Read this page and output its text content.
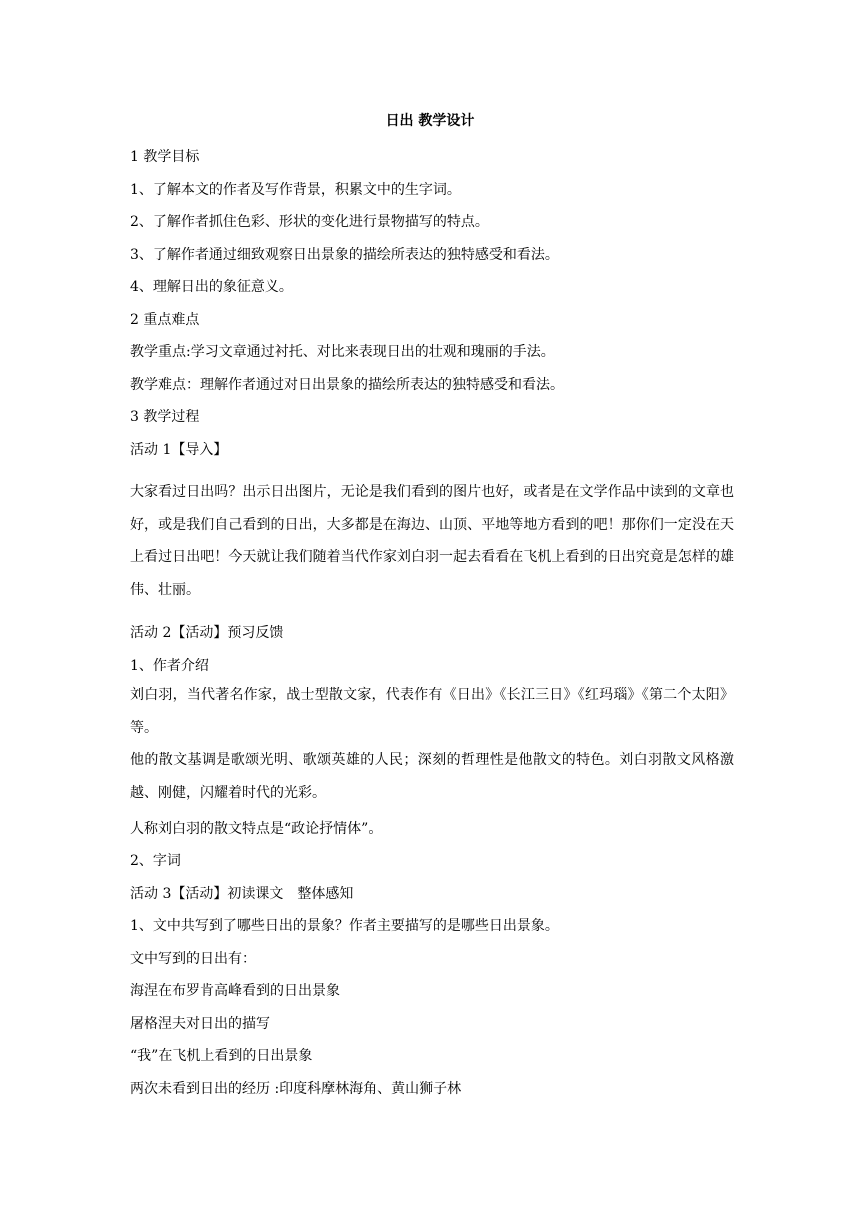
日出 教学设计
1 教学目标
1、了解本文的作者及写作背景，积累文中的生字词。
2、了解作者抓住色彩、形状的变化进行景物描写的特点。
3、了解作者通过细致观察日出景象的描绘所表达的独特感受和看法。
4、理解日出的象征意义。
2 重点难点
教学重点:学习文章通过衬托、对比来表现日出的壮观和瑰丽的手法。
教学难点：理解作者通过对日出景象的描绘所表达的独特感受和看法。
3 教学过程
活动 1【导入】
大家看过日出吗？出示日出图片，无论是我们看到的图片也好，或者是在文学作品中读到的文章也好，或是我们自己看到的日出，大多都是在海边、山顶、平地等地方看到的吧！那你们一定没在天上看过日出吧！今天就让我们随着当代作家刘白羽一起去看看在飞机上看到的日出究竟是怎样的雄伟、壮丽。
活动 2【活动】预习反馈
1、作者介绍
刘白羽，当代著名作家，战士型散文家，代表作有《日出》《长江三日》《红玛瑙》《第二个太阳》等。
他的散文基调是歌颂光明、歌颂英雄的人民；深刻的哲理性是他散文的特色。刘白羽散文风格激越、刚健，闪耀着时代的光彩。
人称刘白羽的散文特点是“政论抒情体”。
2、字词
活动 3【活动】初读课文　整体感知
1、文中共写到了哪些日出的景象？作者主要描写的是哪些日出景象。
文中写到的日出有：
海涅在布罗肯高峰看到的日出景象
屠格涅夫对日出的描写
“我”在飞机上看到的日出景象
两次未看到日出的经历 :印度科摩林海角、黄山狮子林
